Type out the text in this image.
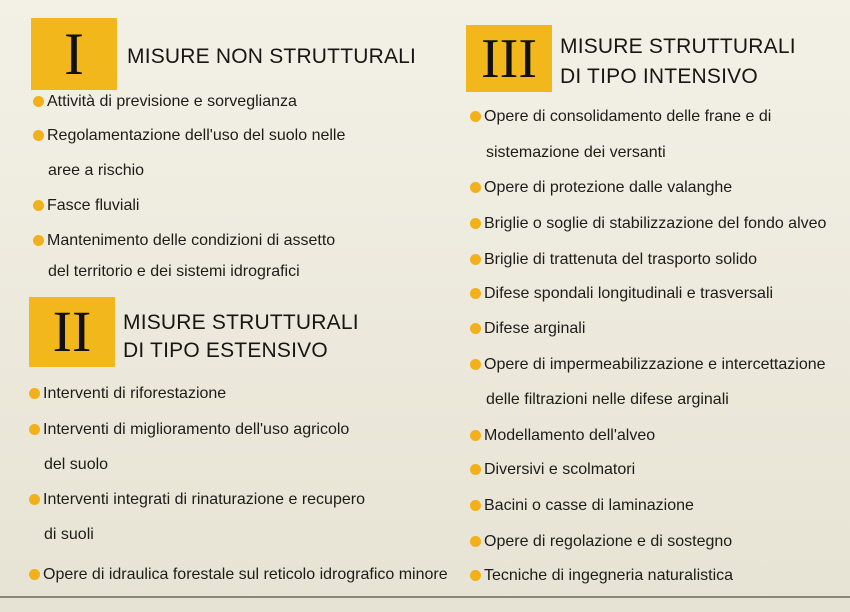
I MISURE NON STRUTTURALI
Attività di previsione e sorveglianza
Regolamentazione dell'uso del suolo nelle
aree a rischio
Fasce fluviali
Mantenimento delle condizioni di assetto
del territorio e dei sistemi idrografici
II MISURE STRUTTURALI
DI TIPO ESTENSIVO
Interventi di riforestazione
Interventi di miglioramento dell'uso agricolo
del suolo
Interventi integrati di rinaturazione e recupero
di suoli
Opere di idraulica forestale sul reticolo idrografico minore
III MISURE STRUTTURALI
DI TIPO INTENSIVO
Opere di consolidamento delle frane e di
sistemazione dei versanti
Opere di protezione dalle valanghe
Briglie o soglie di stabilizzazione del fondo alveo
Briglie di trattenuta del trasporto solido
Difese spondali longitudinali e trasversali
Difese arginali
Opere di impermeabilizzazione e intercettazione
delle filtrazioni nelle difese arginali
Modellamento dell'alveo
Diversivi e scolmatori
Bacini o casse di laminazione
Opere di regolazione e di sostegno
Tecniche di ingegneria naturalistica
